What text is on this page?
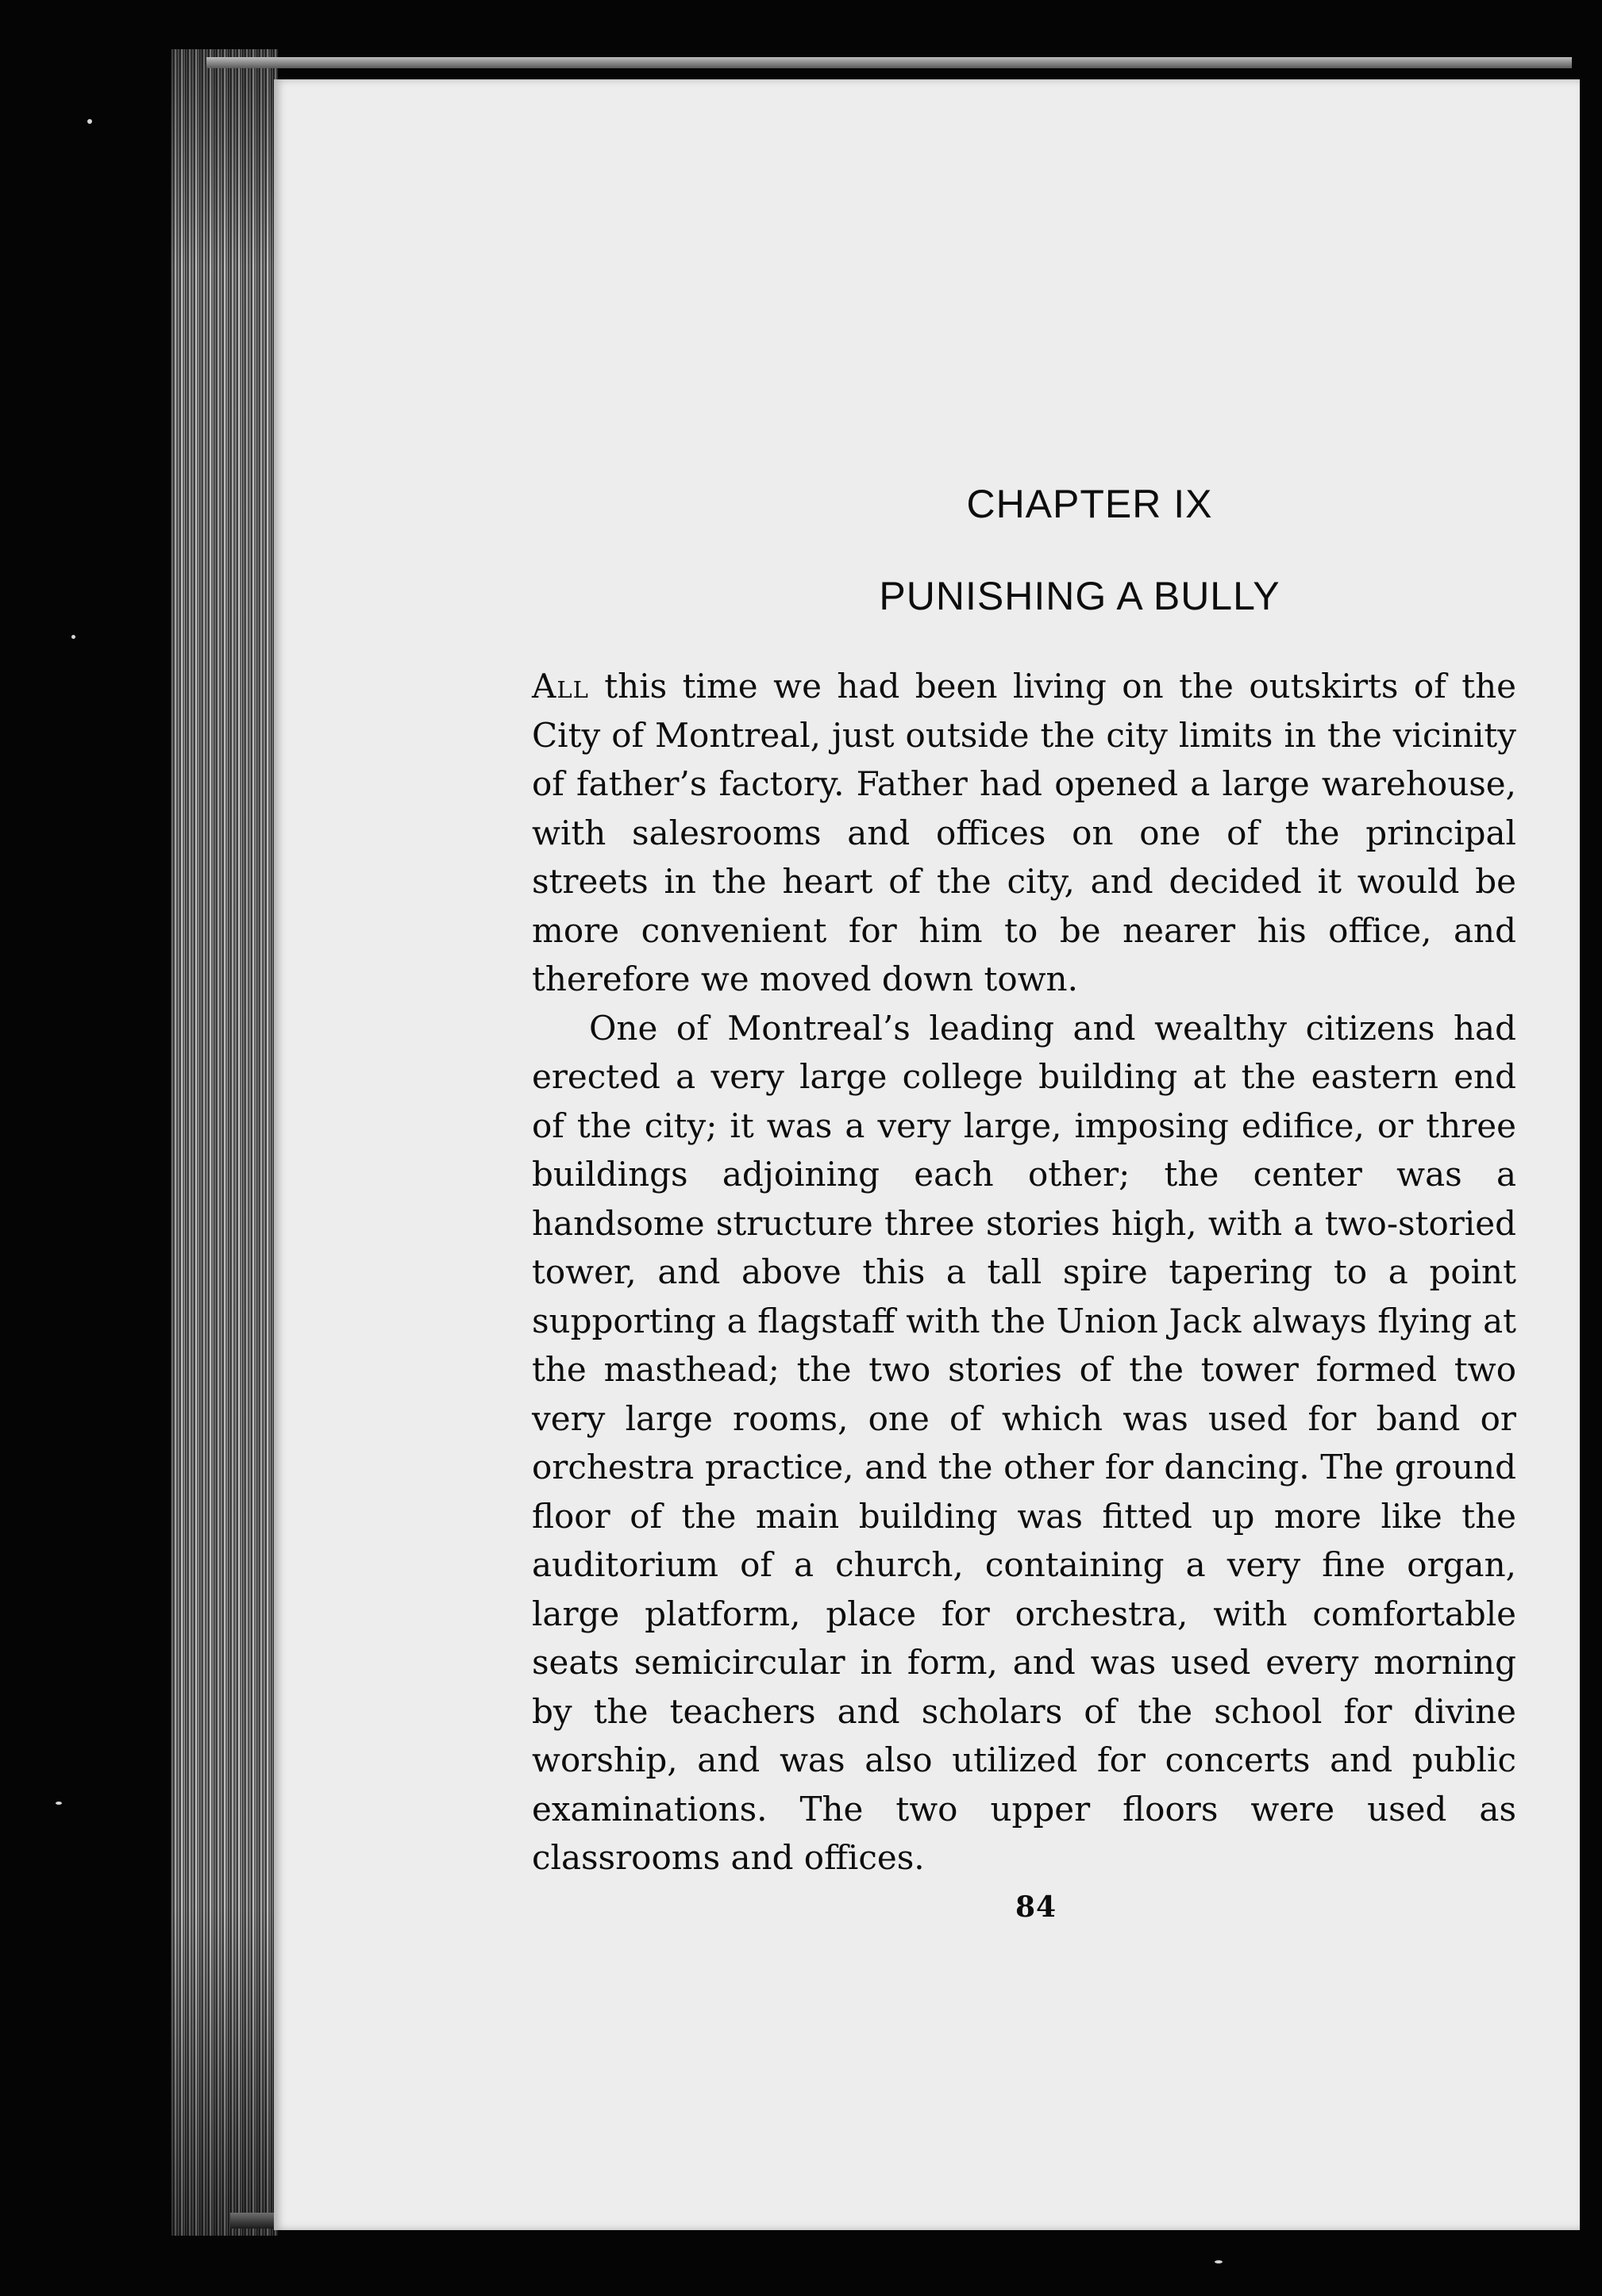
CHAPTER IX
PUNISHING A BULLY

All this time we had been living on the outskirts of the City of Montreal, just outside the city limits in the vicinity of father’s factory. Father had opened a large warehouse, with salesrooms and offices on one of the principal streets in the heart of the city, and decided it would be more convenient for him to be nearer his office, and therefore we moved down town.

One of Montreal’s leading and wealthy citizens had erected a very large college building at the eastern end of the city; it was a very large, imposing edifice, or three buildings adjoining each other; the center was a handsome structure three stories high, with a two-storied tower, and above this a tall spire tapering to a point supporting a flagstaff with the Union Jack always flying at the masthead; the two stories of the tower formed two very large rooms, one of which was used for band or orchestra practice, and the other for dancing. The ground floor of the main building was fitted up more like the auditorium of a church, containing a very fine organ, large platform, place for orchestra, with comfortable seats semicircular in form, and was used every morning by the teachers and scholars of the school for divine worship, and was also utilized for concerts and public examinations. The two upper floors were used as classrooms and offices.

84
